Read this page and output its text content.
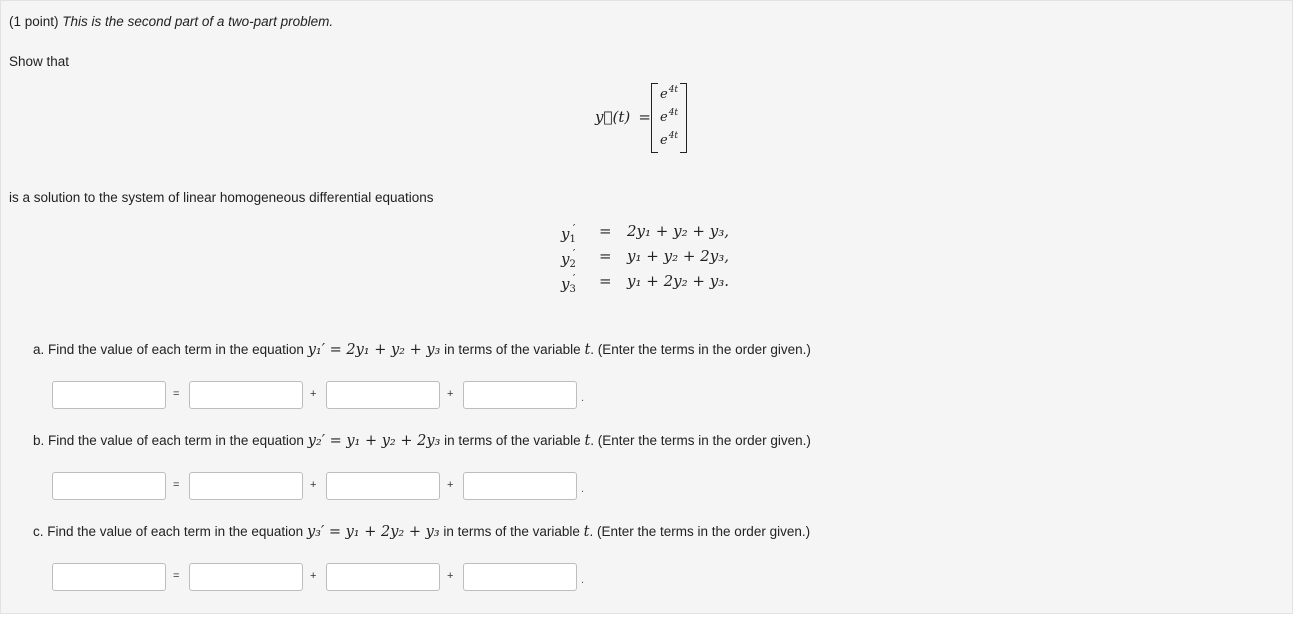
(1 point) This is the second part of a two-part problem.
Show that
y⃗(t) =
$e^{4t}$
$e^{4t}$
$e^{4t}$
is a solution to the system of linear homogeneous differential equations
$y_1' = 2y_1 + y_2 + y_3$,
$y_2' = y_1 + y_2 + 2y_3$,
$y_3' = y_1 + 2y_2 + y_3$.
a. Find the value of each term in the equation y₁′ = 2y₁ + y₂ + y₃ in terms of the variable t. (Enter the terms in the order given.)
=	+	+	.
b. Find the value of each term in the equation y₂′ = y₁ + y₂ + 2y₃ in terms of the variable t. (Enter the terms in the order given.)
=	+	+	.
c. Find the value of each term in the equation y₃′ = y₁ + 2y₂ + y₃ in terms of the variable t. (Enter the terms in the order given.)
=	+	+	.
